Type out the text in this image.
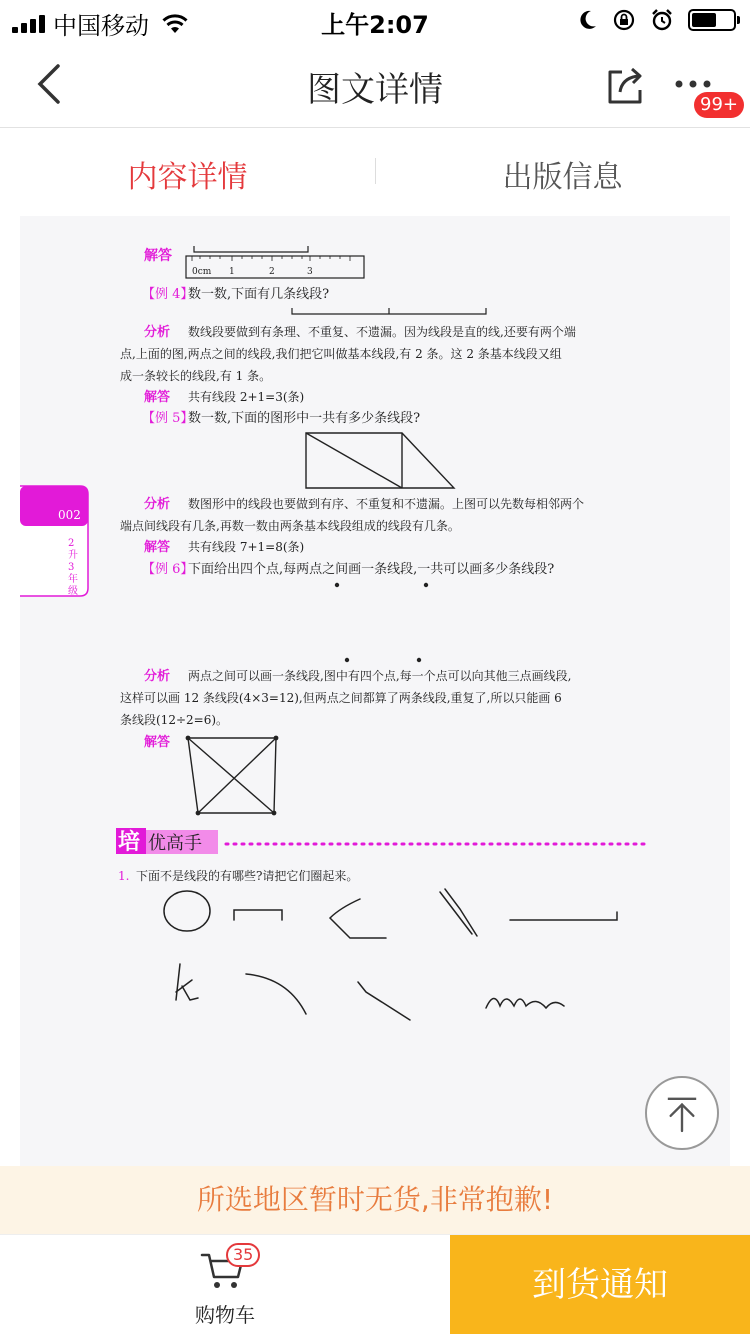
中国移动	上午2:07
图文详情	99+
内容详情	出版信息
解答
0cm 1	2	3
【例 4】
数一数,下面有几条线段?
分析 数线段要做到有条理、不重复、不遗漏。因为线段是直的线,还要有两个端
点,上面的图,两点之间的线段,我们把它叫做基本线段,有 2 条。这 2 条基本线段又组
成一条较长的线段,有 1 条。
解答 共有线段 2+1=3(条)
【例 5】
数一数,下面的图形中一共有多少条线段?
002
2
升
3
年
级
分析 数图形中的线段也要做到有序、不重复和不遗漏。上图可以先数每相邻两个
端点间线段有几条,再数一数由两条基本线段组成的线段有几条。
解答 共有线段 7+1=8(条)
【例 6】
下面给出四个点,每两点之间画一条线段,一共可以画多少条线段?
分析 两点之间可以画一条线段,图中有四个点,每一个点可以向其他三点画线段,
这样可以画 12 条线段(4×3=12),但两点之间都算了两条线段,重复了,所以只能画 6
条线段(12÷2=6)。
解答
培 优高手
1. 下面不是线段的有哪些?请把它们圈起来。
所选地区暂时无货,非常抱歉!
购物车
35
到货通知
